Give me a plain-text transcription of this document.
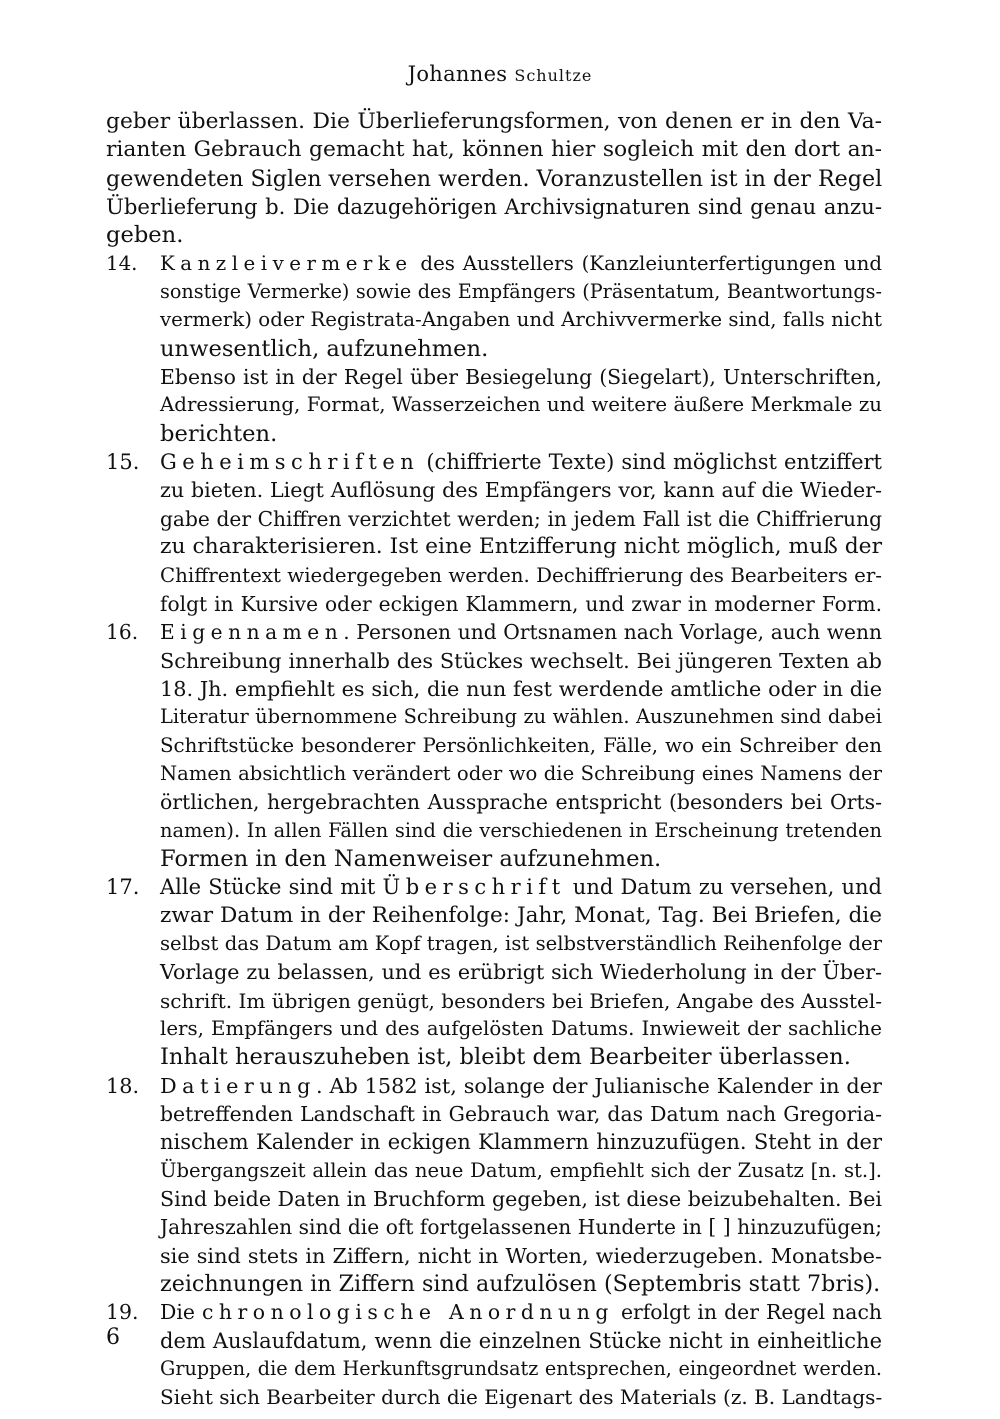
Johannes Schultze

geber überlassen. Die Überlieferungsformen, von denen er in den Va-

rianten Gebrauch gemacht hat, können hier sogleich mit den dort an-

gewendeten Siglen versehen werden. Voranzustellen ist in der Regel

Überlieferung b. Die dazugehörigen Archivsignaturen sind genau anzu-

geben.

14. Kanzleivermerke des Ausstellers (Kanzleiunterfertigungen und

sonstige Vermerke) sowie des Empfängers (Präsentatum, Beantwortungs-

vermerk) oder Registrata-Angaben und Archivvermerke sind, falls nicht

unwesentlich, aufzunehmen.

Ebenso ist in der Regel über Besiegelung (Siegelart), Unterschriften,

Adressierung, Format, Wasserzeichen und weitere äußere Merkmale zu

berichten.

15. Geheimschriften (chiffrierte Texte) sind möglichst entziffert

zu bieten. Liegt Auflösung des Empfängers vor, kann auf die Wieder-

gabe der Chiffren verzichtet werden; in jedem Fall ist die Chiffrierung

zu charakterisieren. Ist eine Entzifferung nicht möglich, muß der

Chiffrentext wiedergegeben werden. Dechiffrierung des Bearbeiters er-

folgt in Kursive oder eckigen Klammern, und zwar in moderner Form.

16. Eigennamen. Personen und Ortsnamen nach Vorlage, auch wenn

Schreibung innerhalb des Stückes wechselt. Bei jüngeren Texten ab

18. Jh. empfiehlt es sich, die nun fest werdende amtliche oder in die

Literatur übernommene Schreibung zu wählen. Auszunehmen sind dabei

Schriftstücke besonderer Persönlichkeiten, Fälle, wo ein Schreiber den

Namen absichtlich verändert oder wo die Schreibung eines Namens der

örtlichen, hergebrachten Aussprache entspricht (besonders bei Orts-

namen). In allen Fällen sind die verschiedenen in Erscheinung tretenden

Formen in den Namenweiser aufzunehmen.

17. Alle Stücke sind mit Überschrift und Datum zu versehen, und

zwar Datum in der Reihenfolge: Jahr, Monat, Tag. Bei Briefen, die

selbst das Datum am Kopf tragen, ist selbstverständlich Reihenfolge der

Vorlage zu belassen, und es erübrigt sich Wiederholung in der Über-

schrift. Im übrigen genügt, besonders bei Briefen, Angabe des Ausstel-

lers, Empfängers und des aufgelösten Datums. Inwieweit der sachliche

Inhalt herauszuheben ist, bleibt dem Bearbeiter überlassen.

18. Datierung. Ab 1582 ist, solange der Julianische Kalender in der

betreffenden Landschaft in Gebrauch war, das Datum nach Gregoria-

nischem Kalender in eckigen Klammern hinzuzufügen. Steht in der

Übergangszeit allein das neue Datum, empfiehlt sich der Zusatz [n. st.].

Sind beide Daten in Bruchform gegeben, ist diese beizubehalten. Bei

Jahreszahlen sind die oft fortgelassenen Hunderte in [ ] hinzuzufügen;

sie sind stets in Ziffern, nicht in Worten, wiederzugeben. Monatsbe-

zeichnungen in Ziffern sind aufzulösen (Septembris statt 7bris).

19. Die chronologische Anordnung erfolgt in der Regel nach

dem Auslaufdatum, wenn die einzelnen Stücke nicht in einheitliche

Gruppen, die dem Herkunftsgrundsatz entsprechen, eingeordnet werden.

Sieht sich Bearbeiter durch die Eigenart des Materials (z. B. Landtags-

6
